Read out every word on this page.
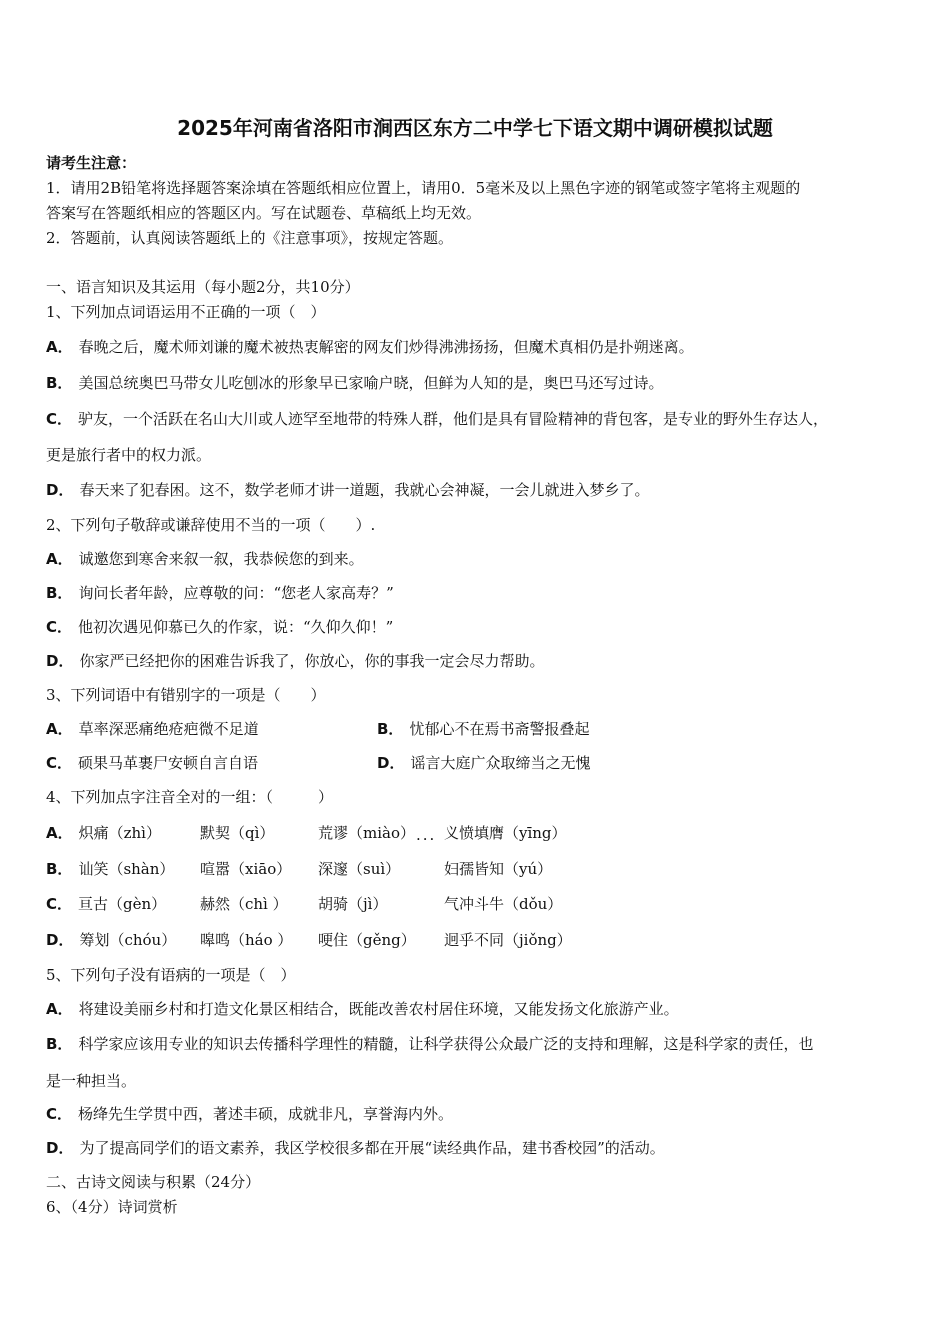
2025年河南省洛阳市涧西区东方二中学七下语文期中调研模拟试题
请考生注意：
1．请用2B铅笔将选择题答案涂填在答题纸相应位置上，请用0．5毫米及以上黑色字迹的钢笔或签字笔将主观题的
答案写在答题纸相应的答题区内。写在试题卷、草稿纸上均无效。
2．答题前，认真阅读答题纸上的《注意事项》，按规定答题。
一、语言知识及其运用（每小题2分，共10分）
1、下列加点词语运用不正确的一项（　）
A． 春晚之后，魔术师刘谦的魔术被热衷解密的网友们炒得沸沸扬扬，但魔术真相仍是扑朔迷离。
B． 美国总统奥巴马带女儿吃刨冰的形象早已家喻户晓，但鲜为人知的是，奥巴马还写过诗。
C． 驴友，一个活跃在名山大川或人迹罕至地带的特殊人群，他们是具有冒险精神的背包客，是专业的野外生存达人，
更是旅行者中的权力派。
D． 春天来了犯春困。这不，数学老师才讲一道题，我就心会神凝，一会儿就进入梦乡了。
2、下列句子敬辞或谦辞使用不当的一项（　　）.
A． 诚邀您到寒舍来叙一叙，我恭候您的到来。
B． 询问长者年龄，应尊敬的问：“您老人家高寿？”
C． 他初次遇见仰慕已久的作家，说：“久仰久仰！”
D． 你家严已经把你的困难告诉我了，你放心，你的事我一定会尽力帮助。
3、下列词语中有错别字的一项是（　　）
A． 草率深恶痛绝疮疤微不足道	B． 忧郁心不在焉书斋警报叠起
C． 硕果马革裹尸安顿自言自语	D． 谣言大庭广众取缔当之无愧
4、下列加点字注音全对的一组：（　　　）
A． 炽痛（zhì）	默契（qì）	荒谬（miào） ... 义愤填膺（yīng）
B． 讪笑（shàn） 喧嚣（xiāo） 深邃（suì）	妇孺皆知（yú）
C． 亘古（gèn） 赫然（chì ） 胡骑（jì）	气冲斗牛（dǒu）
D． 筹划（chóu） 嗥鸣（háo ） 哽住（gěng） 迥乎不同（jiǒng）
5、下列句子没有语病的一项是（　）
A． 将建设美丽乡村和打造文化景区相结合，既能改善农村居住环境，又能发扬文化旅游产业。
B． 科学家应该用专业的知识去传播科学理性的精髓，让科学获得公众最广泛的支持和理解，这是科学家的责任，也
是一种担当。
C． 杨绛先生学贯中西，著述丰硕，成就非凡，享誉海内外。
D． 为了提高同学们的语文素养，我区学校很多都在开展“读经典作品，建书香校园”的活动。
二、古诗文阅读与积累（24分）
6、（4分）诗词赏析
